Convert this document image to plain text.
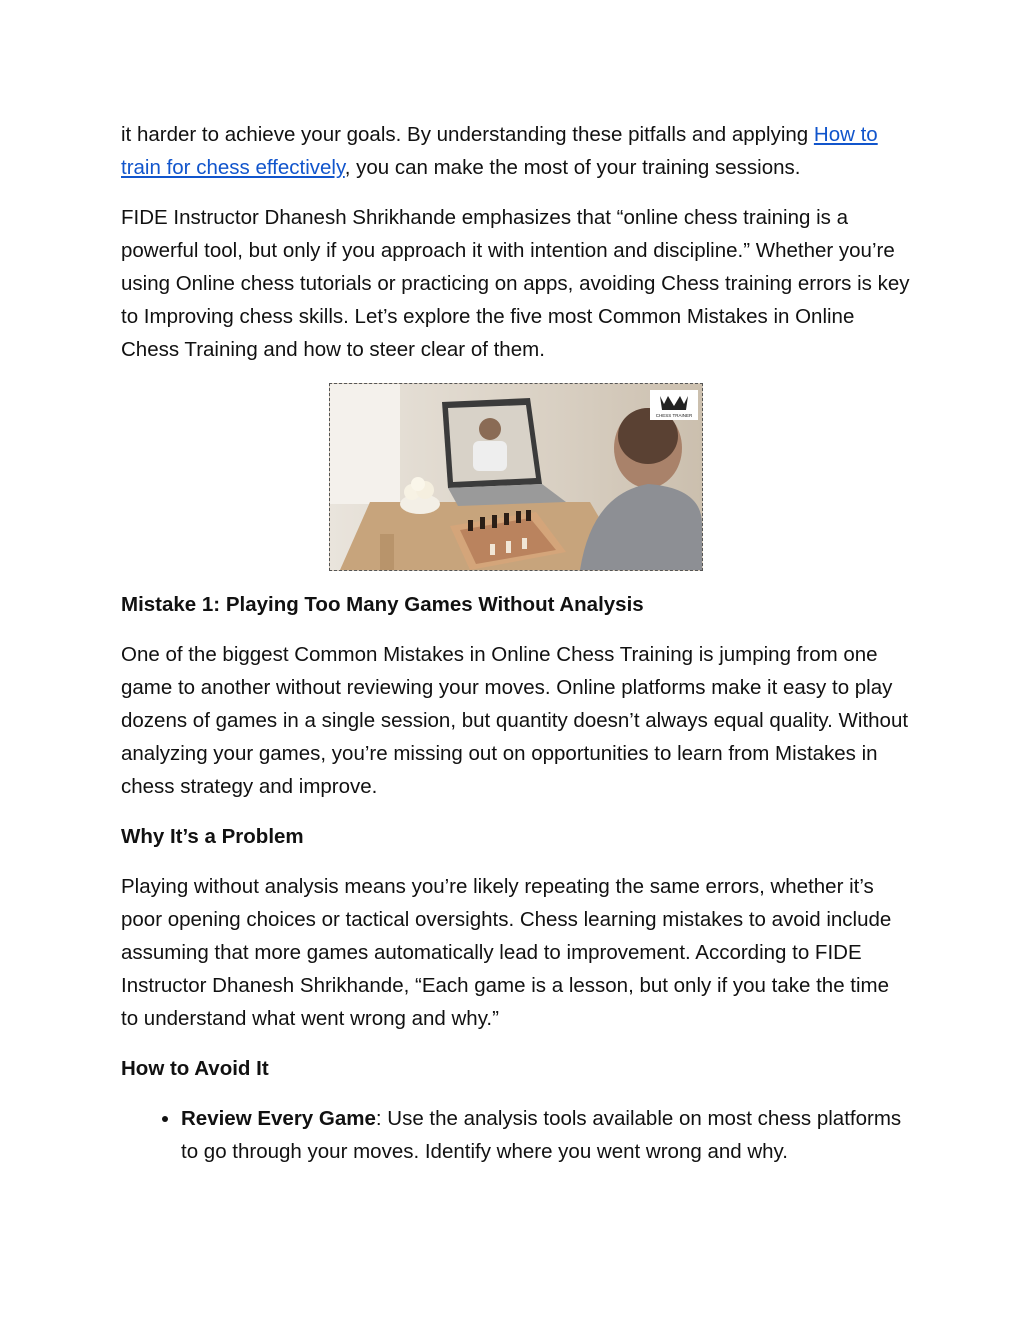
it harder to achieve your goals. By understanding these pitfalls and applying How to train for chess effectively, you can make the most of your training sessions.

FIDE Instructor Dhanesh Shrikhande emphasizes that “online chess training is a powerful tool, but only if you approach it with intention and discipline.” Whether you’re using Online chess tutorials or practicing on apps, avoiding Chess training errors is key to Improving chess skills. Let’s explore the five most Common Mistakes in Online Chess Training and how to steer clear of them.

CHESS TRAINER
Mistake 1: Playing Too Many Games Without Analysis

One of the biggest Common Mistakes in Online Chess Training is jumping from one game to another without reviewing your moves. Online platforms make it easy to play dozens of games in a single session, but quantity doesn’t always equal quality. Without analyzing your games, you’re missing out on opportunities to learn from Mistakes in chess strategy and improve.

Why It’s a Problem

Playing without analysis means you’re likely repeating the same errors, whether it’s poor opening choices or tactical oversights. Chess learning mistakes to avoid include assuming that more games automatically lead to improvement. According to FIDE Instructor Dhanesh Shrikhande, “Each game is a lesson, but only if you take the time to understand what went wrong and why.”

How to Avoid It
• Review Every Game: Use the analysis tools available on most chess platforms to go through your moves. Identify where you went wrong and why.
